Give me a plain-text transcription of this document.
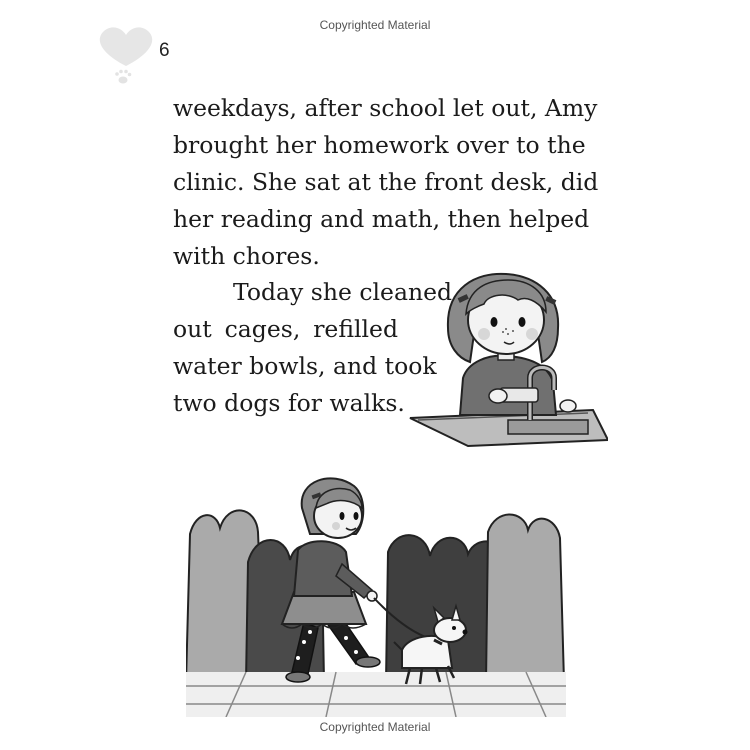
Copyrighted Material
6

weekdays, after school let out, Amy
brought her homework over to the
clinic. She sat at the front desk, did
her reading and math, then helped
with chores.

Today she cleaned
out cages, refilled
water bowls, and took
two dogs for walks.

Copyrighted Material
